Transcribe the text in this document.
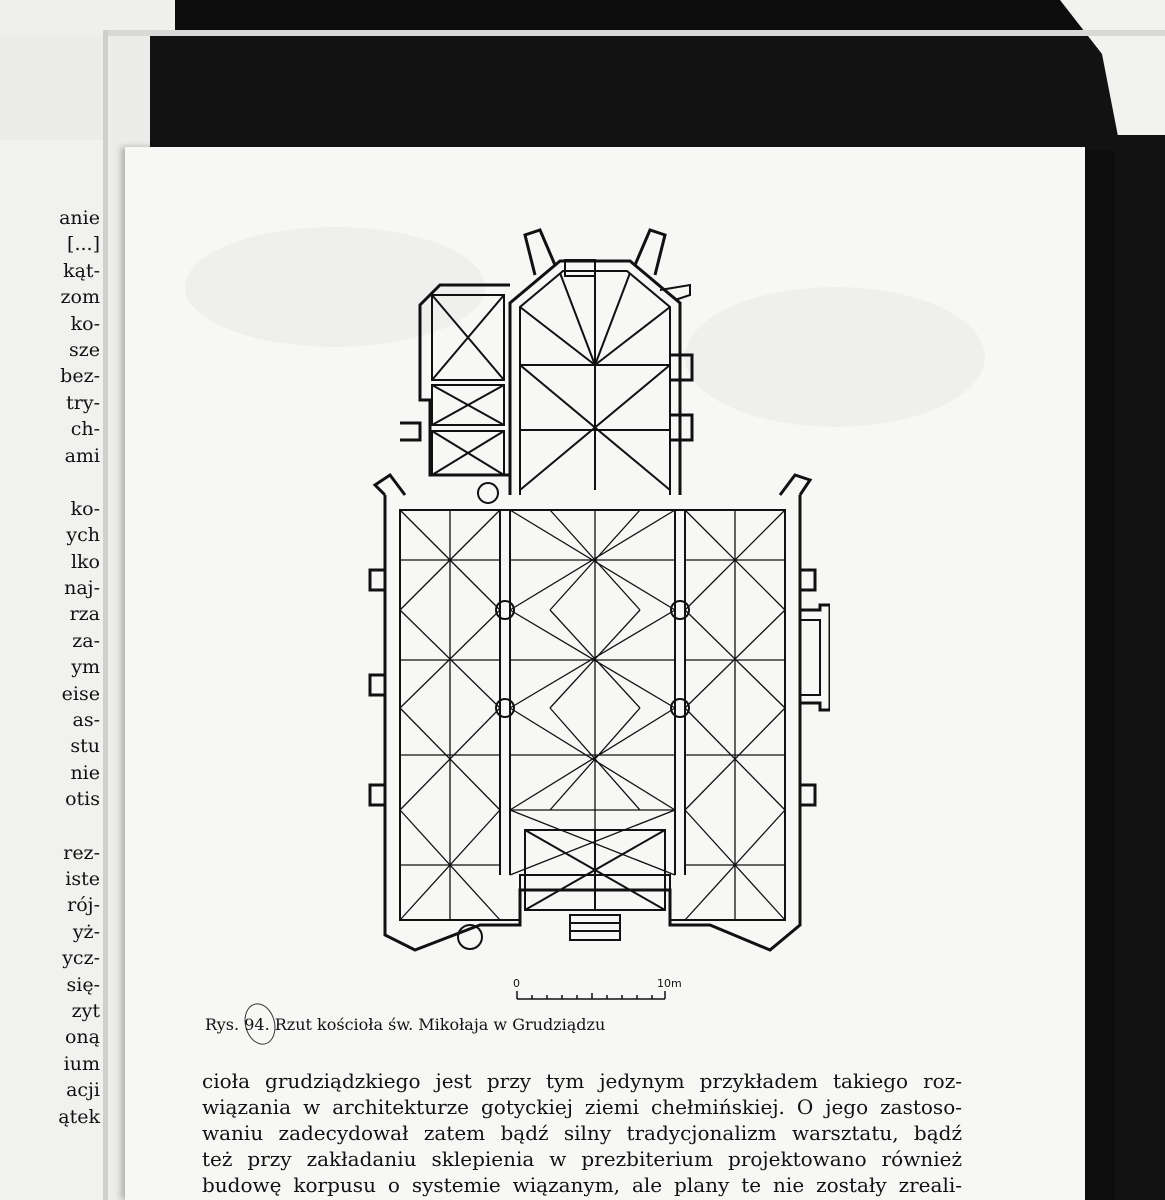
anie
[...]
kąt-
zom
ko-
sze
bez-
try-
ch-
ami
ko-
ych
lko
naj-
rza
za-
ym
eise
as-
stu
nie
otis
rez-
iste
rój-
yż-
ycz-
się-
zyt
oną
ium
acji
ątek
0	10m
Rys. 94. Rzut kościoła św. Mikołaja w Grudziądzu
cioła grudziądzkiego jest przy tym jedynym przykładem takiego roz-
wiązania w architekturze gotyckiej ziemi chełmińskiej. O jego zastoso-
waniu zadecydował zatem bądź silny tradycjonalizm warsztatu, bądź
też przy zakładaniu sklepienia w prezbiterium projektowano również
budowę korpusu o systemie wiązanym, ale plany te nie zostały zreali-
